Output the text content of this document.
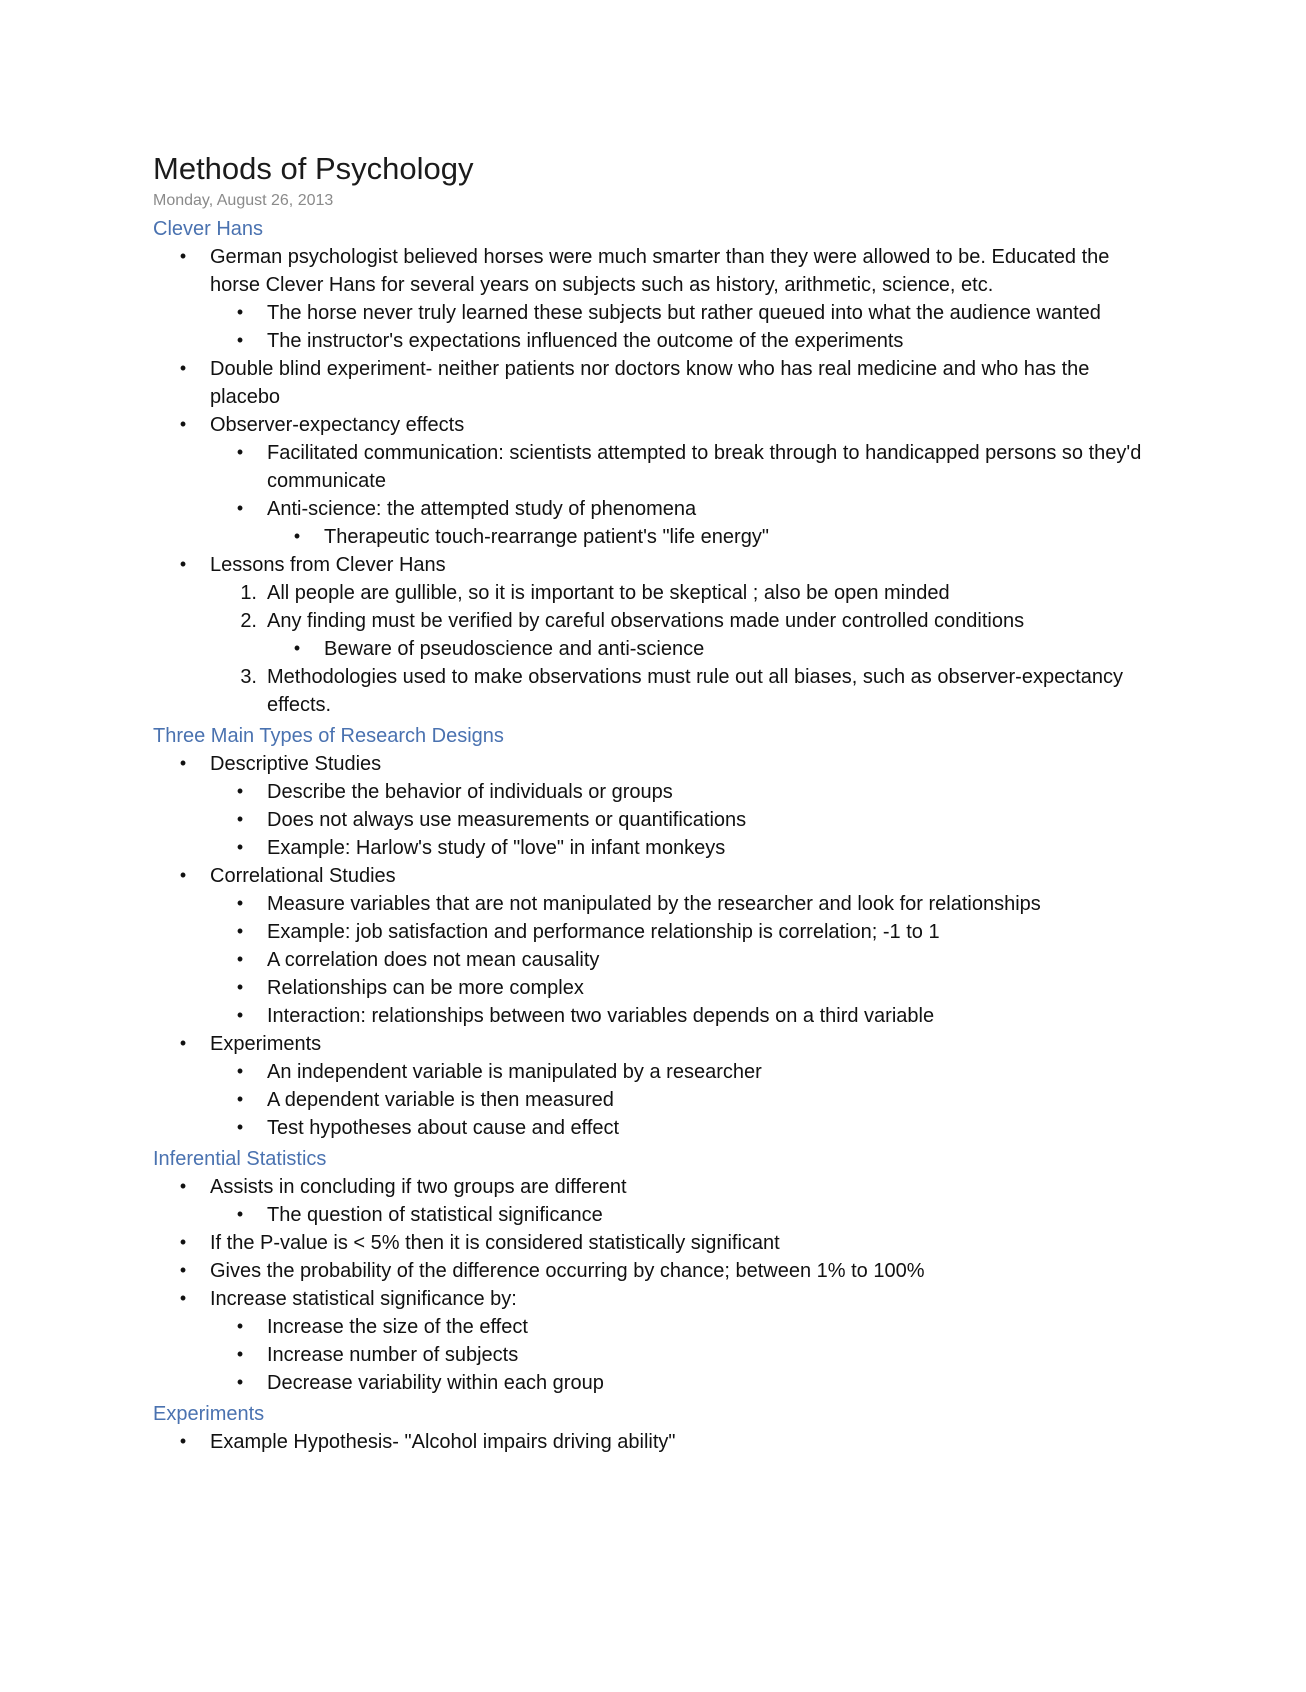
Methods of Psychology
Monday, August 26, 2013
Clever Hans
•	German psychologist believed horses were much smarter than they were allowed to be. Educated the horse Clever Hans for several years on subjects such as history, arithmetic, science, etc.
•	The horse never truly learned these subjects but rather queued into what the audience wanted
•	The instructor's expectations influenced the outcome of the experiments
•	Double blind experiment- neither patients nor doctors know who has real medicine and who has the placebo
•	Observer-expectancy effects
•	Facilitated communication: scientists attempted to break through to handicapped persons so they'd communicate
•	Anti-science: the attempted study of phenomena
•	Therapeutic touch-rearrange patient's "life energy"
•	Lessons from Clever Hans
1. All people are gullible, so it is important to be skeptical ; also be open minded
2. Any finding must be verified by careful observations made under controlled conditions
•	Beware of pseudoscience and anti-science
3. Methodologies used to make observations must rule out all biases, such as observer-expectancy effects.
Three Main Types of Research Designs
•	Descriptive Studies
•	Describe the behavior of individuals or groups
•	Does not always use measurements or quantifications
•	Example: Harlow's study of "love" in infant monkeys
•	Correlational Studies
•	Measure variables that are not manipulated by the researcher and look for relationships
•	Example: job satisfaction and performance relationship is correlation; -1 to 1
•	A correlation does not mean causality
•	Relationships can be more complex
•	Interaction: relationships between two variables depends on a third variable
•	Experiments
•	An independent variable is manipulated by a researcher
•	A dependent variable is then measured
•	Test hypotheses about cause and effect
Inferential Statistics
•	Assists in concluding if two groups are different
•	The question of statistical significance
•	If the P-value is < 5% then it is considered statistically significant
•	Gives the probability of the difference occurring by chance; between 1% to 100%
•	Increase statistical significance by:
•	Increase the size of the effect
•	Increase number of subjects
•	Decrease variability within each group
Experiments
•	Example Hypothesis- "Alcohol impairs driving ability"
